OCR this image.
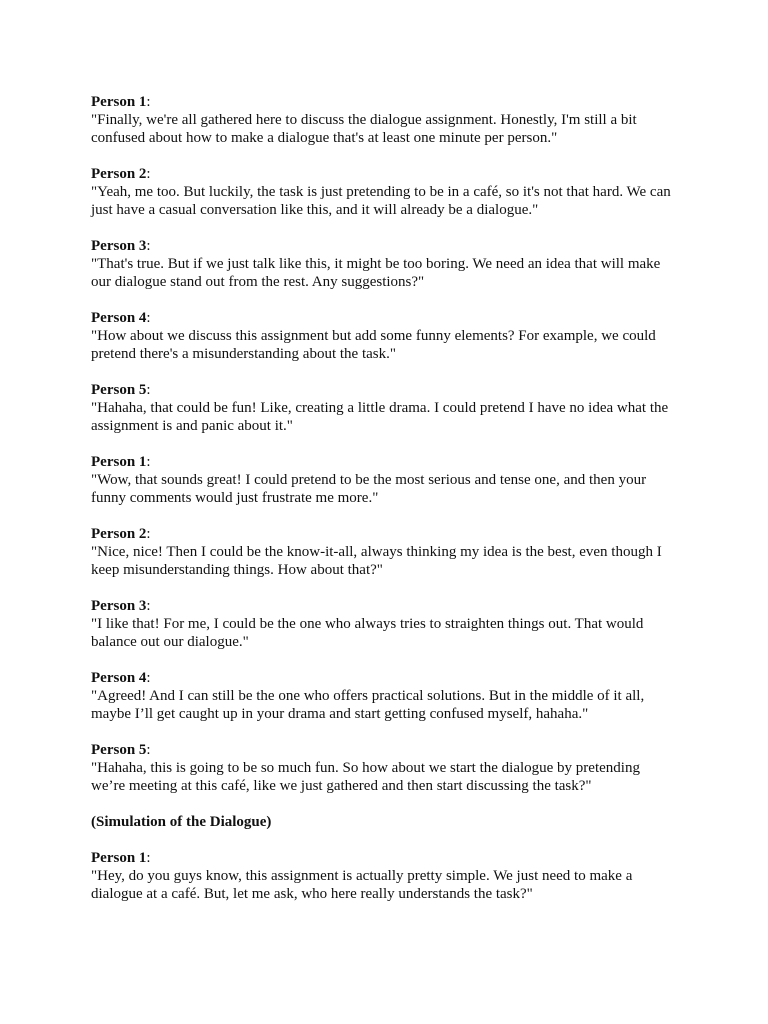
Person 1:
"Finally, we're all gathered here to discuss the dialogue assignment. Honestly, I'm still a bit
confused about how to make a dialogue that's at least one minute per person."
Person 2:
"Yeah, me too. But luckily, the task is just pretending to be in a café, so it's not that hard. We can
just have a casual conversation like this, and it will already be a dialogue."
Person 3:
"That's true. But if we just talk like this, it might be too boring. We need an idea that will make
our dialogue stand out from the rest. Any suggestions?"
Person 4:
"How about we discuss this assignment but add some funny elements? For example, we could
pretend there's a misunderstanding about the task."
Person 5:
"Hahaha, that could be fun! Like, creating a little drama. I could pretend I have no idea what the
assignment is and panic about it."
Person 1:
"Wow, that sounds great! I could pretend to be the most serious and tense one, and then your
funny comments would just frustrate me more."
Person 2:
"Nice, nice! Then I could be the know-it-all, always thinking my idea is the best, even though I
keep misunderstanding things. How about that?"
Person 3:
"I like that! For me, I could be the one who always tries to straighten things out. That would
balance out our dialogue."
Person 4:
"Agreed! And I can still be the one who offers practical solutions. But in the middle of it all,
maybe I’ll get caught up in your drama and start getting confused myself, hahaha."
Person 5:
"Hahaha, this is going to be so much fun. So how about we start the dialogue by pretending
we’re meeting at this café, like we just gathered and then start discussing the task?"
(Simulation of the Dialogue)
Person 1:
"Hey, do you guys know, this assignment is actually pretty simple. We just need to make a
dialogue at a café. But, let me ask, who here really understands the task?"
